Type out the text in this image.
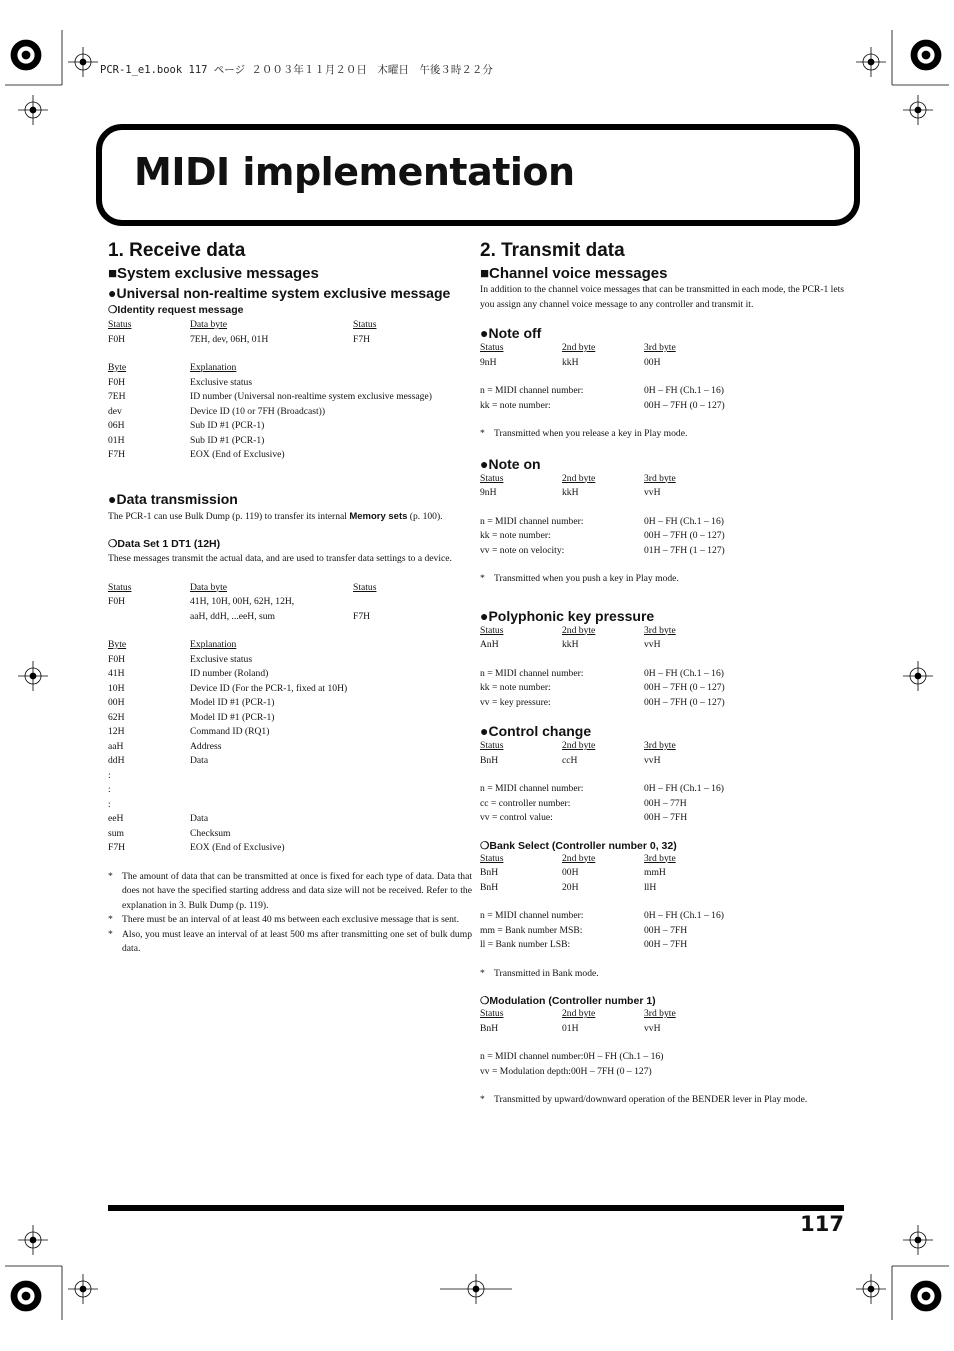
PCR-1_e1.book 117 ページ ２００３年１１月２０日　木曜日　午後３時２２分
MIDI implementation
1. Receive data
■System exclusive messages
●Universal non-realtime system exclusive message
❍Identity request message
Status	Data byte	Status
F0H	7EH, dev, 06H, 01H	F7H
Byte	Explanation
F0H	Exclusive status
7EH	ID number (Universal non-realtime system exclusive message)
dev	Device ID (10 or 7FH (Broadcast))
06H	Sub ID #1 (PCR-1)
01H	Sub ID #1 (PCR-1)
F7H	EOX (End of Exclusive)
●Data transmission
The PCR-1 can use Bulk Dump (p. 119) to transfer its internal Memory sets (p. 100).
❍Data Set 1 DT1 (12H)
These messages transmit the actual data, and are used to transfer data settings to a device.
Status	Data byte	Status
F0H	41H, 10H, 00H, 62H, 12H,
aaH, ddH, ...eeH, sum	F7H
Byte	Explanation
F0H	Exclusive status
41H	ID number (Roland)
10H	Device ID (For the PCR-1, fixed at 10H)
00H	Model ID #1 (PCR-1)
62H	Model ID #1 (PCR-1)
12H	Command ID (RQ1)
aaH	Address
ddH	Data
:
:
:
eeH	Data
sum	Checksum
F7H	EOX (End of Exclusive)
* The amount of data that can be transmitted at once is fixed for each type of data. Data that does not have the specified starting address and data size will not be received. Refer to the explanation in 3. Bulk Dump (p. 119).
* There must be an interval of at least 40 ms between each exclusive message that is sent.
* Also, you must leave an interval of at least 500 ms after transmitting one set of bulk dump data.
2. Transmit data
■Channel voice messages
In addition to the channel voice messages that can be transmitted in each mode, the PCR-1 lets you assign any channel voice message to any controller and transmit it.
●Note off
Status	2nd byte	3rd byte
9nH	kkH	00H
n = MIDI channel number:	0H – FH (Ch.1 – 16)
kk = note number:	00H – 7FH (0 – 127)
* Transmitted when you release a key in Play mode.
●Note on
Status	2nd byte	3rd byte
9nH	kkH	vvH
n = MIDI channel number:	0H – FH (Ch.1 – 16)
kk = note number:	00H – 7FH (0 – 127)
vv = note on velocity:	01H – 7FH (1 – 127)
* Transmitted when you push a key in Play mode.
●Polyphonic key pressure
Status	2nd byte	3rd byte
AnH	kkH	vvH
n = MIDI channel number:	0H – FH (Ch.1 – 16)
kk = note number:	00H – 7FH (0 – 127)
vv = key pressure:	00H – 7FH (0 – 127)
●Control change
Status	2nd byte	3rd byte
BnH	ccH	vvH
n = MIDI channel number:	0H – FH (Ch.1 – 16)
cc = controller number:	00H – 77H
vv = control value:	00H – 7FH
❍Bank Select (Controller number 0, 32)
Status	2nd byte	3rd byte
BnH	00H	mmH
BnH	20H	llH
n = MIDI channel number:	0H – FH (Ch.1 – 16)
mm = Bank number MSB:	00H – 7FH
ll = Bank number LSB:	00H – 7FH
* Transmitted in Bank mode.
❍Modulation (Controller number 1)
Status	2nd byte	3rd byte
BnH	01H	vvH
n = MIDI channel number:0H – FH (Ch.1 – 16)
vv = Modulation depth:00H – 7FH (0 – 127)
* Transmitted by upward/downward operation of the BENDER lever in Play mode.
117
